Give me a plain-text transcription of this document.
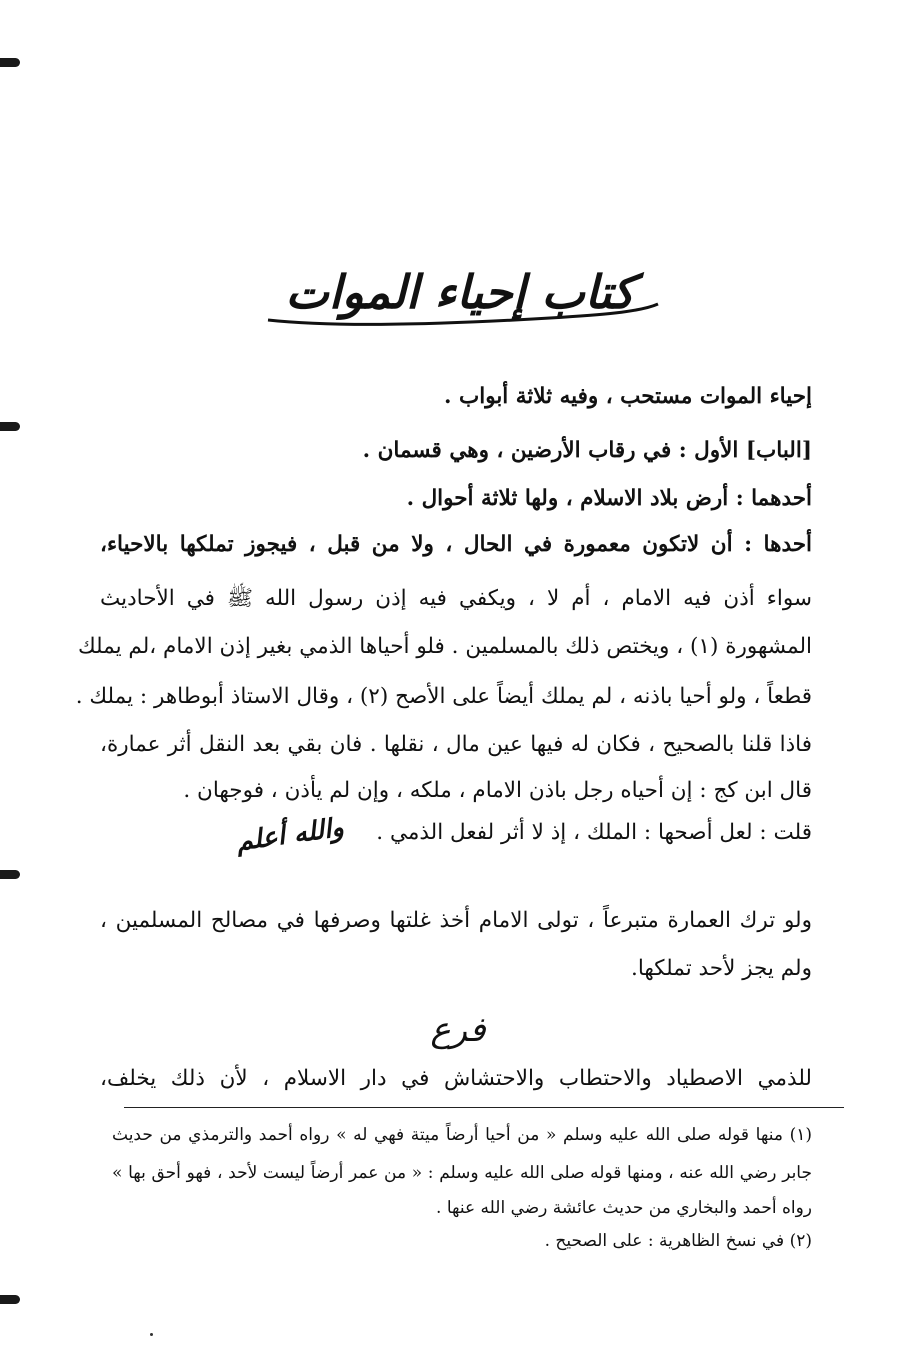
كتاب إحياء الموات
إحياء الموات مستحب ، وفيه ثلاثة أبواب .
[الباب] الأول : في رقاب الأرضين ، وهي قسمان .
أحدهما : أرض بلاد الاسلام ، ولها ثلاثة أحوال .
أحدها : أن لاتكون معمورة في الحال ، ولا من قبل ، فيجوز تملكها بالاحياء،
سواء أذن فيه الامام ، أم لا ، ويكفي فيه إذن رسول الله ﷺ في الأحاديث
المشهورة (١) ، ويختص ذلك بالمسلمين . فلو أحياها الذمي بغير إذن الامام ،لم يملك
قطعاً ، ولو أحيا باذنه ، لم يملك أيضاً على الأصح (٢) ، وقال الاستاذ أبوطاهر : يملك .
فاذا قلنا بالصحيح ، فكان له فيها عين مال ، نقلها . فان بقي بعد النقل أثر عمارة،
قال ابن كج : إن أحياه رجل باذن الامام ، ملكه ، وإن لم يأذن ، فوجهان .
قلت : لعل أصحها : الملك ، إذ لا أثر لفعل الذمي .
والله أعلم
ولو ترك العمارة متبرعاً ، تولى الامام أخذ غلتها وصرفها في مصالح المسلمين ،
ولم يجز لأحد تملكها.
فرع
للذمي الاصطياد والاحتطاب والاحتشاش في دار الاسلام ، لأن ذلك يخلف،
(١) منها قوله صلى الله عليه وسلم « من أحيا أرضاً ميتة فهي له » رواه أحمد والترمذي من حديث
جابر رضي الله عنه ، ومنها قوله صلى الله عليه وسلم : « من عمر أرضاً ليست لأحد ، فهو أحق بها »
رواه أحمد والبخاري من حديث عائشة رضي الله عنها .
(٢) في نسخ الظاهرية : على الصحيح .
